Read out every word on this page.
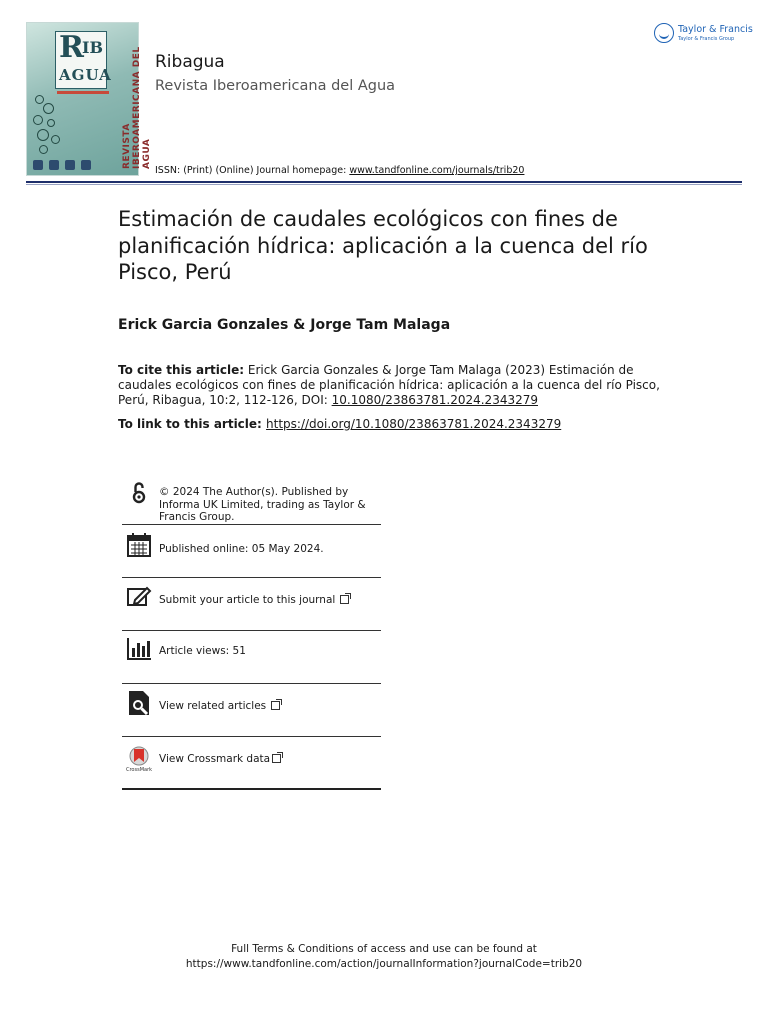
R
IB
AGUA
REVISTA IBEROAMERICANA DEL AGUA
Ribagua
Revista Iberoamericana del Agua
ISSN: (Print) (Online) Journal homepage: www.tandfonline.com/journals/trib20
Taylor & Francis
Taylor & Francis Group
Estimación de caudales ecológicos con fines de planificación hídrica: aplicación a la cuenca del río Pisco, Perú
Erick Garcia Gonzales & Jorge Tam Malaga
To cite this article: Erick Garcia Gonzales & Jorge Tam Malaga (2023) Estimación de caudales ecológicos con fines de planificación hídrica: aplicación a la cuenca del río Pisco, Perú, Ribagua, 10:2, 112-126, DOI: 10.1080/23863781.2024.2343279
To link to this article: https://doi.org/10.1080/23863781.2024.2343279
© 2024 The Author(s). Published by Informa UK Limited, trading as Taylor & Francis Group.
Published online: 05 May 2024.
Submit your article to this journal
Article views: 51
View related articles
CrossMark
View Crossmark data
Full Terms & Conditions of access and use can be found at
https://www.tandfonline.com/action/journalInformation?journalCode=trib20
